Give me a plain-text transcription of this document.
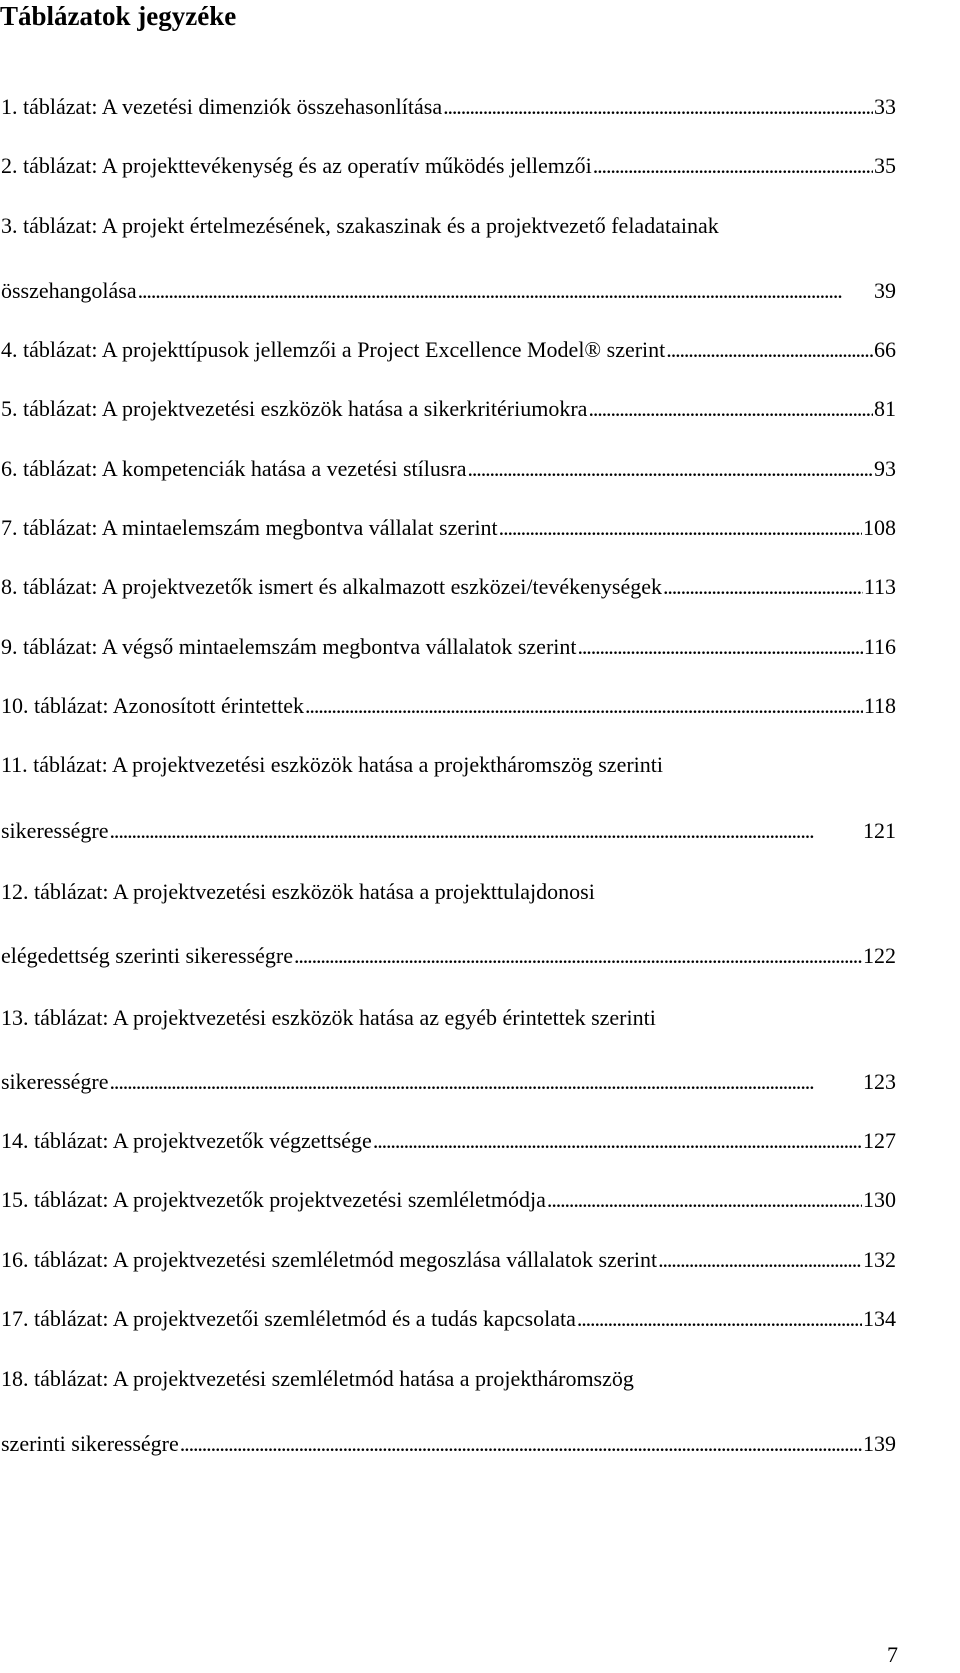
Táblázatok jegyzéke
1. táblázat: A vezetési dimenziók összehasonlítása . . .	33
2. táblázat: A projekttevékenység és az operatív működés jellemzői . . .	35
3. táblázat: A projekt értelmezésének, szakaszinak és a projektvezető feladatainak
összehangolása . . .	39
4. táblázat: A projekttípusok jellemzői a Project Excellence Model® szerint . . .	66
5. táblázat: A projektvezetési eszközök hatása a sikerkritériumokra . . .	81
6. táblázat: A kompetenciák hatása a vezetési stílusra . . .	93
7. táblázat: A mintaelemszám megbontva vállalat szerint . . .	108
8. táblázat: A projektvezetők ismert és alkalmazott eszközei/tevékenységek . . .	113
9. táblázat: A végső mintaelemszám megbontva vállalatok szerint . . .	116
10. táblázat: Azonosított érintettek . . .	118
11. táblázat: A projektvezetési eszközök hatása a projektháromszög szerinti
sikerességre . . .	121
12. táblázat: A projektvezetési eszközök hatása a projekttulajdonosi
elégedettség szerinti sikerességre . . .	122
13. táblázat: A projektvezetési eszközök hatása az egyéb érintettek szerinti
sikerességre . . .	123
14. táblázat: A projektvezetők végzettsége . . .	127
15. táblázat: A projektvezetők projektvezetési szemléletmódja . . .	130
16. táblázat: A projektvezetési szemléletmód megoszlása vállalatok szerint . . .	132
17. táblázat: A projektvezetői szemléletmód és a tudás kapcsolata . . .	134
18. táblázat: A projektvezetési szemléletmód hatása a projektháromszög
szerinti sikerességre . . .	139
7
